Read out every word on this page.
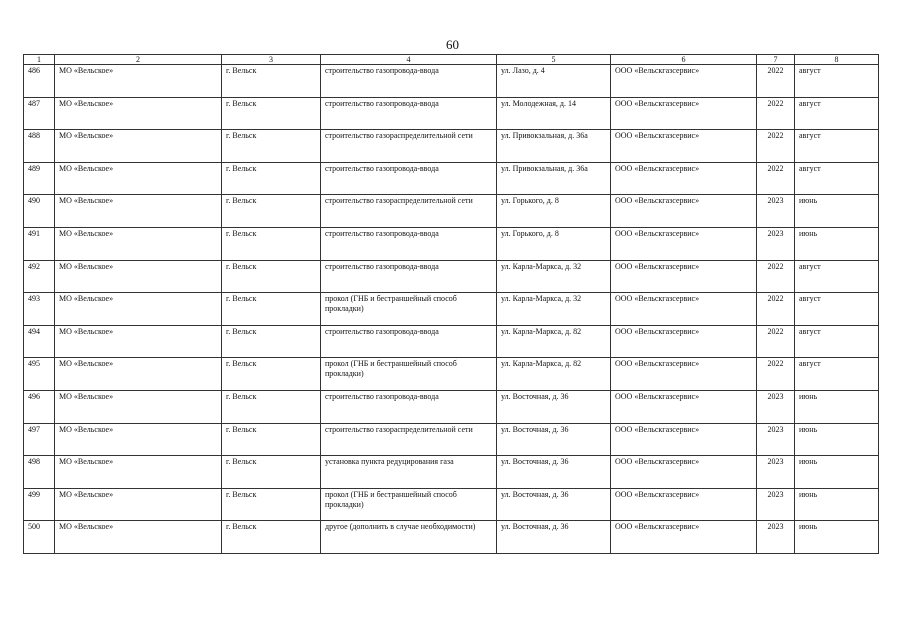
60
1	2	3	4	5	6	7	8
486	МО «Вельское»	г. Вельск	строительство газопровода-ввода	ул. Лазо, д. 4	ООО «Вельскгазсервис»	2022	август
487	МО «Вельское»	г. Вельск	строительство газопровода-ввода	ул. Молодежная, д. 14	ООО «Вельскгазсервис»	2022	август
488	МО «Вельское»	г. Вельск	строительство газораспределительной сети	ул. Привокзальная, д. 36а	ООО «Вельскгазсервис»	2022	август
489	МО «Вельское»	г. Вельск	строительство газопровода-ввода	ул. Привокзальная, д. 36а	ООО «Вельскгазсервис»	2022	август
490	МО «Вельское»	г. Вельск	строительство газораспределительной сети	ул. Горького, д. 8	ООО «Вельскгазсервис»	2023	июнь
491	МО «Вельское»	г. Вельск	строительство газопровода-ввода	ул. Горького, д. 8	ООО «Вельскгазсервис»	2023	июнь
492	МО «Вельское»	г. Вельск	строительство газопровода-ввода	ул. Карла-Маркса, д. 32	ООО «Вельскгазсервис»	2022	август
493	МО «Вельское»	г. Вельск	прокол (ГНБ и бестраншейный способ прокладки)	ул. Карла-Маркса, д. 32	ООО «Вельскгазсервис»	2022	август
494	МО «Вельское»	г. Вельск	строительство газопровода-ввода	ул. Карла-Маркса, д. 82	ООО «Вельскгазсервис»	2022	август
495	МО «Вельское»	г. Вельск	прокол (ГНБ и бестраншейный способ прокладки)	ул. Карла-Маркса, д. 82	ООО «Вельскгазсервис»	2022	август
496	МО «Вельское»	г. Вельск	строительство газопровода-ввода	ул. Восточная, д. 36	ООО «Вельскгазсервис»	2023	июнь
497	МО «Вельское»	г. Вельск	строительство газораспределительной сети	ул. Восточная, д. 36	ООО «Вельскгазсервис»	2023	июнь
498	МО «Вельское»	г. Вельск	установка пункта редуцирования газа	ул. Восточная, д. 36	ООО «Вельскгазсервис»	2023	июнь
499	МО «Вельское»	г. Вельск	прокол (ГНБ и бестраншейный способ прокладки)	ул. Восточная, д. 36	ООО «Вельскгазсервис»	2023	июнь
500	МО «Вельское»	г. Вельск	другое (дополнить в случае необходимости)	ул. Восточная, д. 36	ООО «Вельскгазсервис»	2023	июнь
